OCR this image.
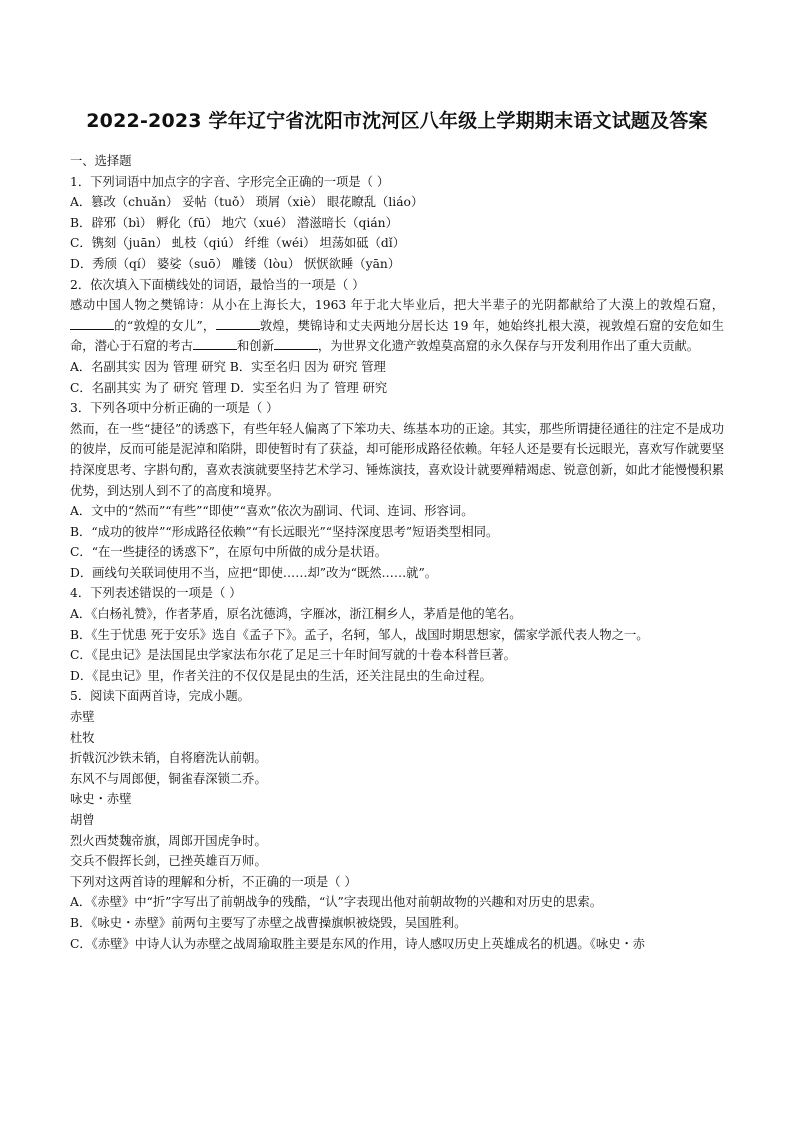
2022-2023 学年辽宁省沈阳市沈河区八年级上学期期末语文试题及答案
一、选择题
1．下列词语中加点字的字音、字形完全正确的一项是（ ）
A．篡改（chuǎn） 妥帖（tuǒ） 琐屑（xiè） 眼花瞭乱（liáo）
B．辟邪（bì） 孵化（fū） 地穴（xué） 潜滋暗长（qián）
C．镌刻（juān） 虬枝（qiú） 纤维（wéi） 坦荡如砥（dǐ）
D．秀颀（qí） 婆娑（suō） 雕镂（lòu） 恹恹欲睡（yān）
2．依次填入下面横线处的词语，最恰当的一项是（ ）
感动中国人物之樊锦诗：从小在上海长大，1963 年于北大毕业后，把大半辈子的光阴都献给了大漠上的敦煌石窟，的“敦煌的女儿”，	敦煌，樊锦诗和丈夫两地分居长达 19 年，她始终扎根大漠，视敦煌石窟的安危如生命，潜心于石窟的考古	和创新	，为世界文化遗产敦煌莫高窟的永久保存与开发利用作出了重大贡献。
A．名副其实 因为 管理 研究 B．实至名归 因为 研究 管理
C．名副其实 为了 研究 管理 D．实至名归 为了 管理 研究
3．下列各项中分析正确的一项是（ ）
然而，在一些“捷径”的诱惑下，有些年轻人偏离了下笨功夫、练基本功的正途。其实，那些所谓捷径通往的注定不是成功的彼岸，反而可能是泥淖和陷阱，即使暂时有了获益，却可能形成路径依赖。年轻人还是要有长远眼光，喜欢写作就要坚持深度思考、字斟句酌，喜欢表演就要坚持艺术学习、锤炼演技，喜欢设计就要殚精竭虑、锐意创新，如此才能慢慢积累优势，到达别人到不了的高度和境界。
A．文中的“然而”“有些”“即使”“喜欢”依次为副词、代词、连词、形容词。
B．“成功的彼岸”“形成路径依赖”“有长远眼光”“坚持深度思考”短语类型相同。
C．“在一些捷径的诱惑下”，在原句中所做的成分是状语。
D．画线句关联词使用不当，应把“即使……却”改为“既然……就”。
4．下列表述错误的一项是（ ）
A．《白杨礼赞》，作者茅盾，原名沈德鸿，字雁冰，浙江桐乡人，茅盾是他的笔名。
B．《生于忧患 死于安乐》选自《孟子下》。孟子，名轲，邹人，战国时期思想家，儒家学派代表人物之一。
C．《昆虫记》是法国昆虫学家法布尔花了足足三十年时间写就的十卷本科普巨著。
D．《昆虫记》里，作者关注的不仅仅是昆虫的生活，还关注昆虫的生命过程。
5．阅读下面两首诗，完成小题。
赤壁
杜牧
折戟沉沙铁未销，自将磨洗认前朝。
东风不与周郎便，铜雀春深锁二乔。
咏史・赤壁
胡曾
烈火西焚魏帝旗，周郎开国虎争时。
交兵不假挥长剑，已挫英雄百万师。
下列对这两首诗的理解和分析，不正确的一项是（ ）
A．《赤壁》中“折”字写出了前朝战争的残酷，“认”字表现出他对前朝故物的兴趣和对历史的思索。
B．《咏史・赤壁》前两句主要写了赤壁之战曹操旗帜被烧毁，吴国胜利。
C．《赤壁》中诗人认为赤壁之战周瑜取胜主要是东风的作用，诗人感叹历史上英雄成名的机遇。《咏史・赤
